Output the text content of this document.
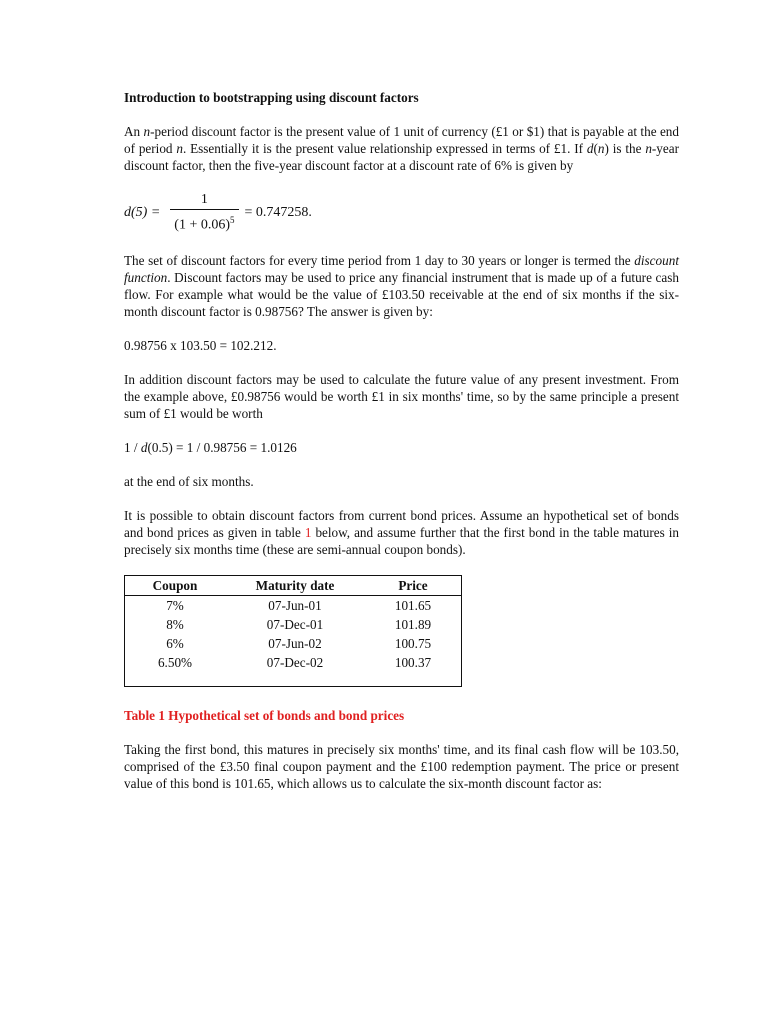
Introduction to bootstrapping using discount factors

An n-period discount factor is the present value of 1 unit of currency (£1 or $1) that is payable at the end of period n. Essentially it is the present value relationship expressed in terms of £1. If d(n) is the n-year discount factor, then the five-year discount factor at a discount rate of 6% is given by

$d(5) = \frac{1}{(1 + 0.06)^5} = 0.747258$.

The set of discount factors for every time period from 1 day to 30 years or longer is termed the discount function. Discount factors may be used to price any financial instrument that is made up of a future cash flow. For example what would be the value of £103.50 receivable at the end of six months if the six-month discount factor is 0.98756? The answer is given by:

0.98756 x 103.50 = 102.212.

In addition discount factors may be used to calculate the future value of any present investment. From the example above, £0.98756 would be worth £1 in six months' time, so by the same principle a present sum of £1 would be worth

1 / d(0.5) = 1 / 0.98756 = 1.0126

at the end of six months.

It is possible to obtain discount factors from current bond prices. Assume an hypothetical set of bonds and bond prices as given in table 1 below, and assume further that the first bond in the table matures in precisely six months time (these are semi-annual coupon bonds).

Coupon	Maturity date	Price
7%	07-Jun-01	101.65
8%	07-Dec-01	101.89
6%	07-Jun-02	100.75
6.50%	07-Dec-02	100.37
Table 1 Hypothetical set of bonds and bond prices

Taking the first bond, this matures in precisely six months' time, and its final cash flow will be 103.50, comprised of the £3.50 final coupon payment and the £100 redemption payment. The price or present value of this bond is 101.65, which allows us to calculate the six-month discount factor as:
